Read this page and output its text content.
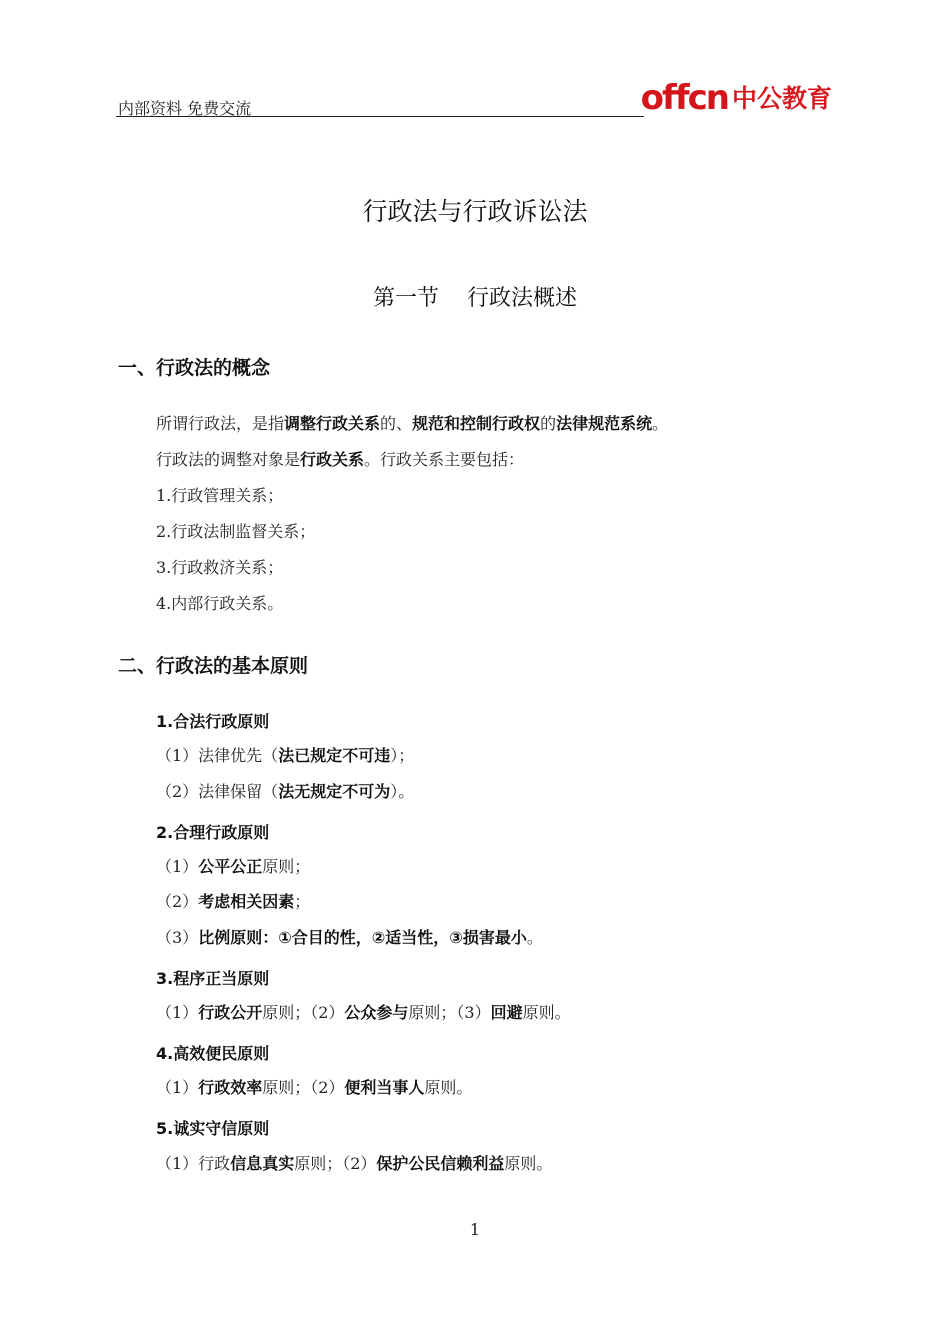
内部资料 免费交流	offcn 中公教育
行政法与行政诉讼法
第一节 行政法概述
一、行政法的概念
所谓行政法，是指调整行政关系的、规范和控制行政权的法律规范系统。
行政法的调整对象是行政关系。行政关系主要包括：
1.行政管理关系；
2.行政法制监督关系；
3.行政救济关系；
4.内部行政关系。
二、行政法的基本原则
1.合法行政原则
（1）法律优先（法已规定不可违）；
（2）法律保留（法无规定不可为）。
2.合理行政原则
（1）公平公正原则；
（2）考虑相关因素；
（3）比例原则：①合目的性，②适当性，③损害最小。
3.程序正当原则
（1）行政公开原则；（2）公众参与原则；（3）回避原则。
4.高效便民原则
（1）行政效率原则；（2）便利当事人原则。
5.诚实守信原则
（1）行政信息真实原则；（2）保护公民信赖利益原则。
1
